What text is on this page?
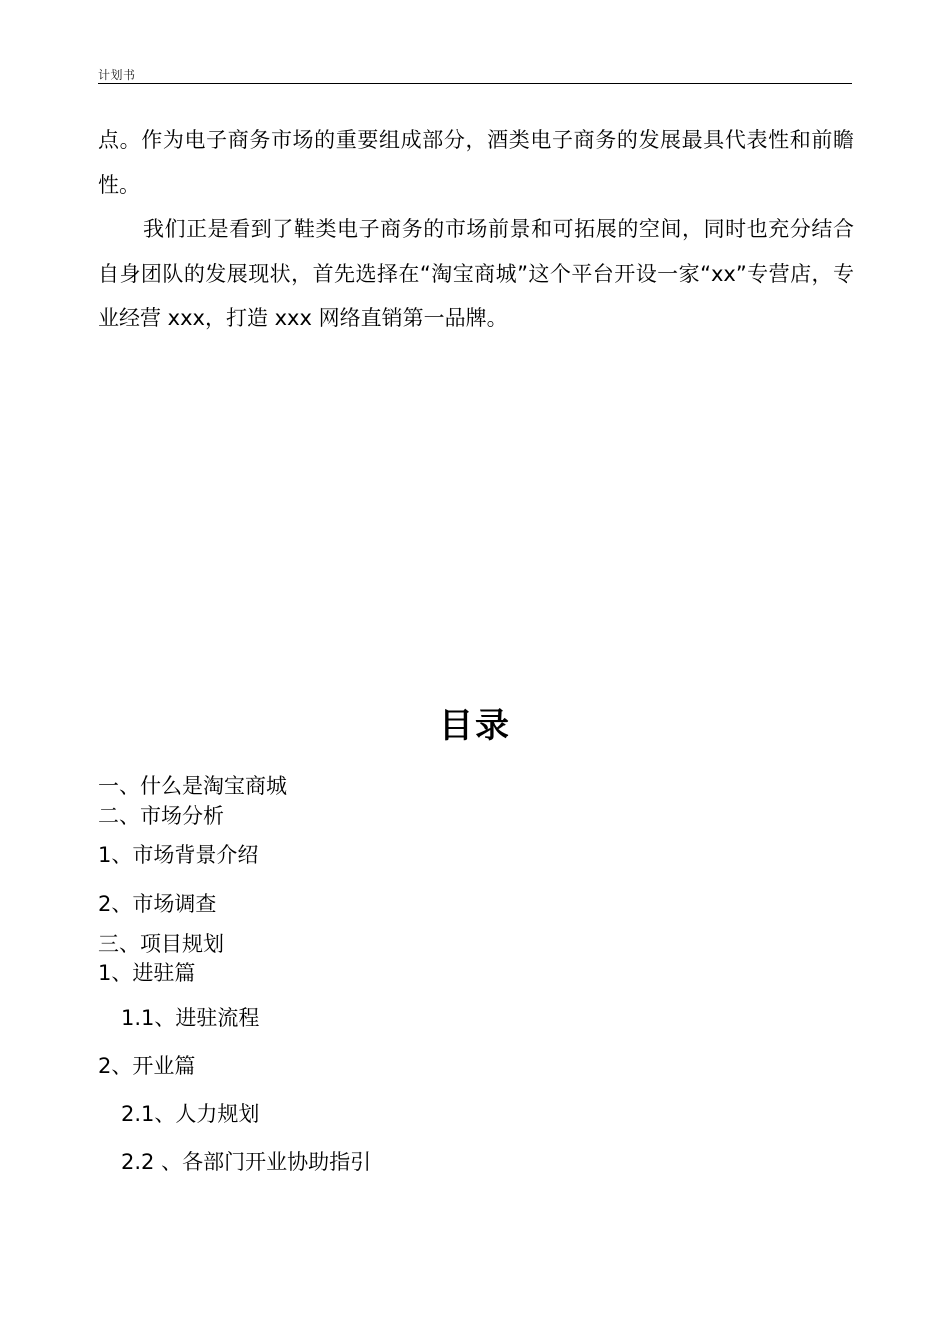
计划书

点。作为电子商务市场的重要组成部分，酒类电子商务的发展最具代表性和前瞻性。

我们正是看到了鞋类电子商务的市场前景和可拓展的空间，同时也充分结合自身团队的发展现状，首先选择在“淘宝商城”这个平台开设一家“xx”专营店，专业经营 xxx，打造 xxx 网络直销第一品牌。

目录
一、什么是淘宝商城
二、市场分析
1、市场背景介绍
2、市场调查
三、项目规划
1、进驻篇
1.1、进驻流程
2、开业篇
2.1、人力规划
2.2 、各部门开业协助指引
